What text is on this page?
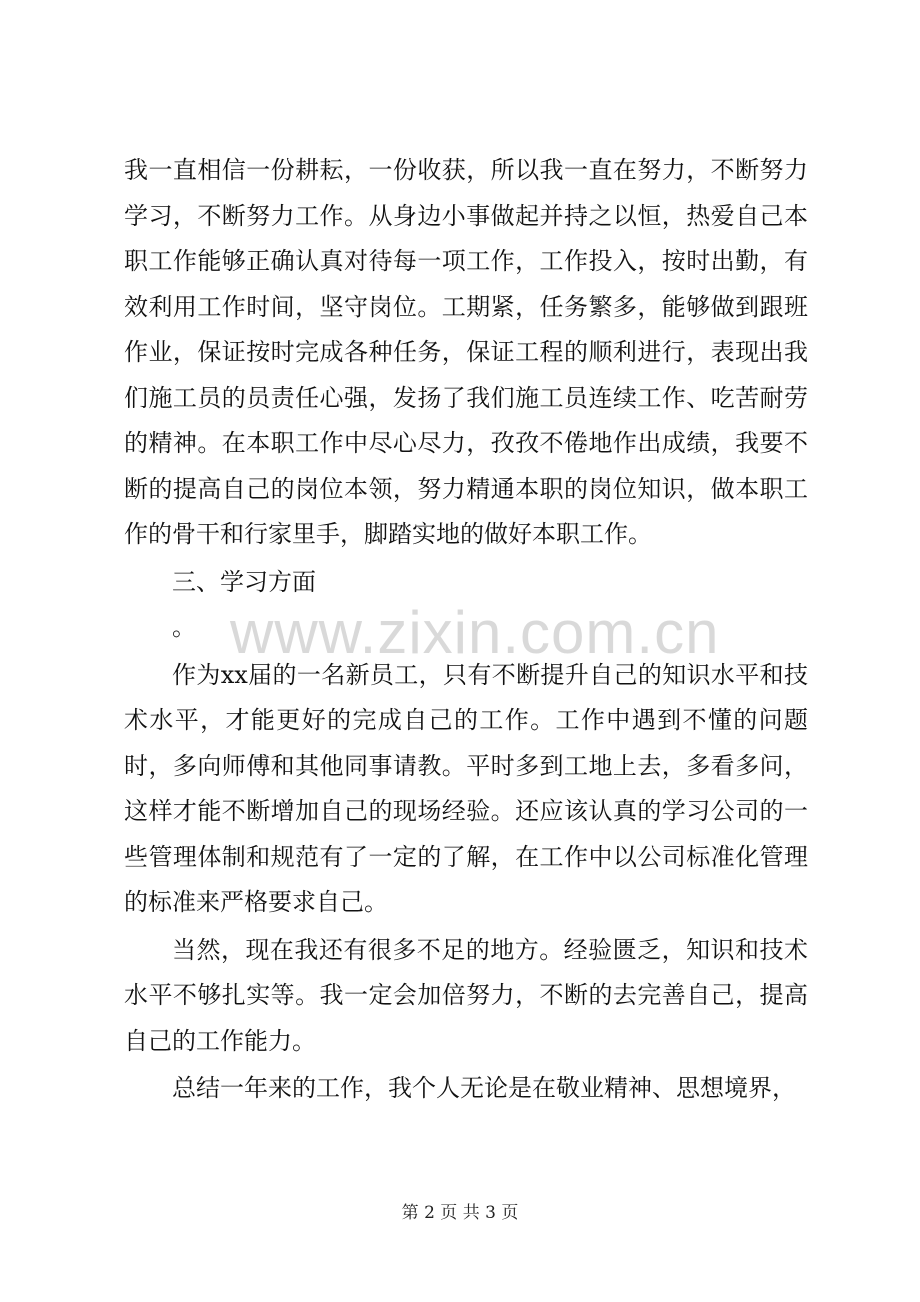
我一直相信一份耕耘，一份收获，所以我一直在努力，不断努力学习，不断努力工作。从身边小事做起并持之以恒，热爱自己本职工作能够正确认真对待每一项工作，工作投入，按时出勤，有效利用工作时间，坚守岗位。工期紧，任务繁多，能够做到跟班作业，保证按时完成各种任务，保证工程的顺利进行，表现出我们施工员的员责任心强，发扬了我们施工员连续工作、吃苦耐劳的精神。在本职工作中尽心尽力，孜孜不倦地作出成绩，我要不断的提高自己的岗位本领，努力精通本职的岗位知识，做本职工作的骨干和行家里手，脚踏实地的做好本职工作。

三、学习方面

。

作为xx届的一名新员工，只有不断提升自己的知识水平和技术水平，才能更好的完成自己的工作。工作中遇到不懂的问题时，多向师傅和其他同事请教。平时多到工地上去，多看多问，这样才能不断增加自己的现场经验。还应该认真的学习公司的一些管理体制和规范有了一定的了解，在工作中以公司标准化管理的标准来严格要求自己。

当然，现在我还有很多不足的地方。经验匮乏，知识和技术水平不够扎实等。我一定会加倍努力，不断的去完善自己，提高自己的工作能力。

总结一年来的工作，我个人无论是在敬业精神、思想境界，

www.zixin.com.cn
第 2 页 共 3 页
